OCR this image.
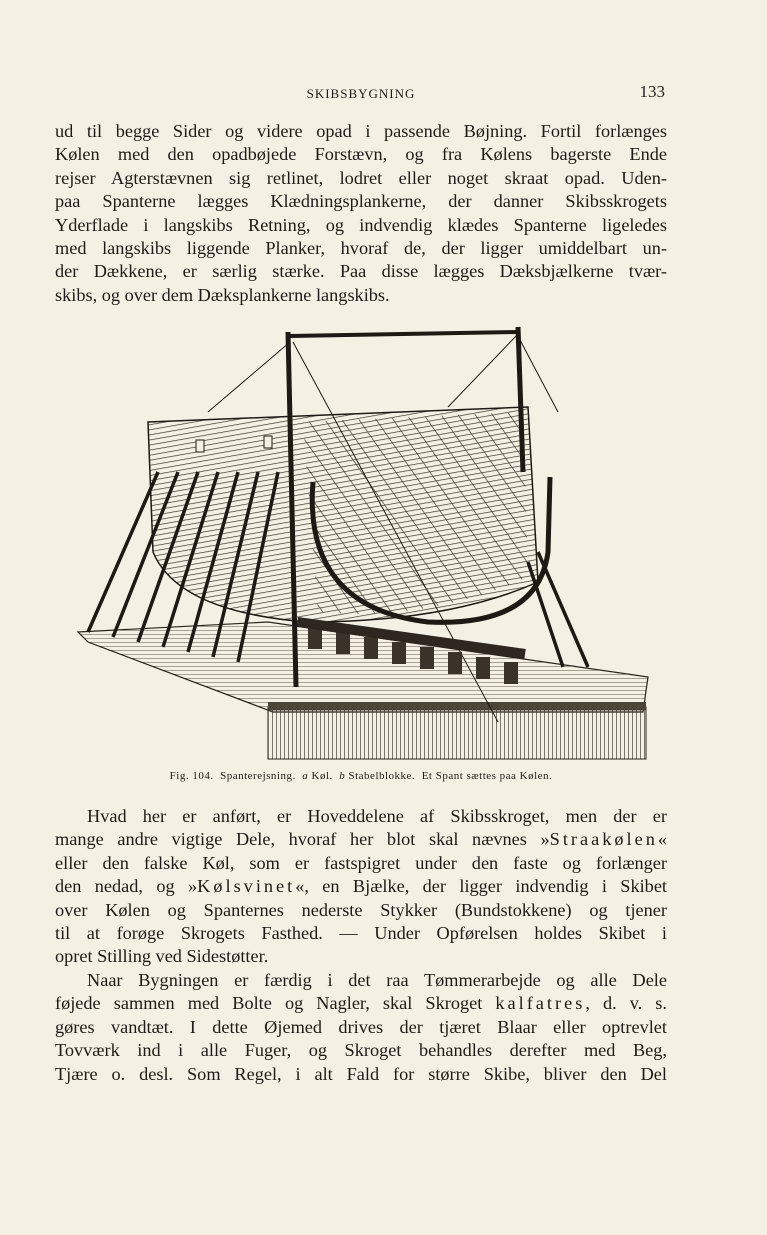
SKIBSBYGNING	133
ud til begge Sider og videre opad i passende Bøjning. Fortil forlænges
Kølen med den opadbøjede Forstævn, og fra Kølens bagerste Ende
rejser Agterstævnen sig retlinet, lodret eller noget skraat opad. Uden-
paa Spanterne lægges Klædningsplankerne, der danner Skibsskrogets
Yderflade i langskibs Retning, og indvendig klædes Spanterne ligeledes
med langskibs liggende Planker, hvoraf de, der ligger umiddelbart un-
der Dækkene, er særlig stærke. Paa disse lægges Dæksbjælkerne tvær-
skibs, og over dem Dæksplankerne langskibs.
Fig. 104. Spanterejsning. a Køl. b Stabelblokke. Et Spant sættes paa Kølen.
Hvad her er anført, er Hoveddelene af Skibsskroget, men der er
mange andre vigtige Dele, hvoraf her blot skal nævnes »Straakølen«
eller den falske Køl, som er fastspigret under den faste og forlænger
den nedad, og »Kølsvinet«, en Bjælke, der ligger indvendig i Skibet
over Kølen og Spanternes nederste Stykker (Bundstokkene) og tjener
til at forøge Skrogets Fasthed. — Under Opførelsen holdes Skibet i
opret Stilling ved Sidestøtter.
Naar Bygningen er færdig i det raa Tømmerarbejde og alle Dele
føjede sammen med Bolte og Nagler, skal Skroget kalfatres, d. v. s.
gøres vandtæt. I dette Øjemed drives der tjæret Blaar eller optrevlet
Tovværk ind i alle Fuger, og Skroget behandles derefter med Beg,
Tjære o. desl. Som Regel, i alt Fald for større Skibe, bliver den Del
